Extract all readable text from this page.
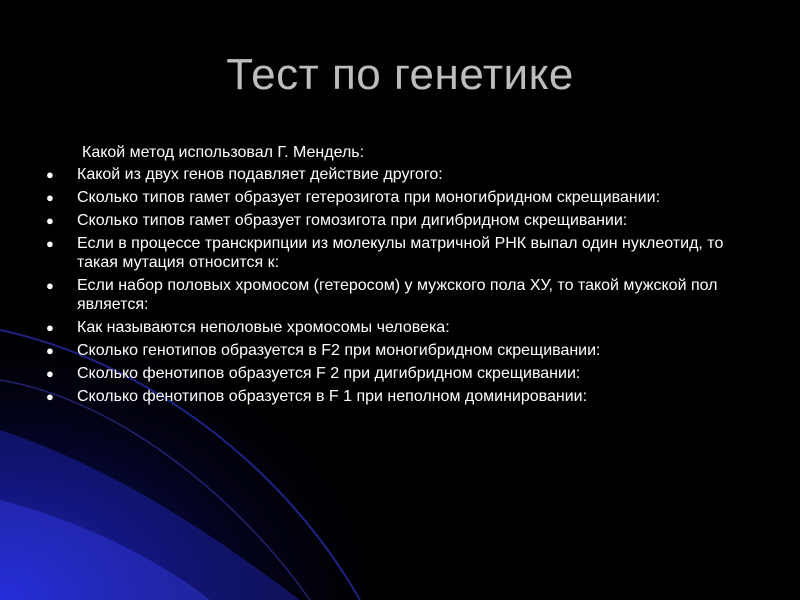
Тест по генетике
Какой метод использовал Г. Мендель:
● Какой из двух генов подавляет действие другого:
● Сколько типов гамет образует гетерозигота при моногибридном скрещивании:
● Сколько типов гамет образует гомозигота при дигибридном скрещивании:
● Если в процессе транскрипции из молекулы матричной РНК выпал один нуклеотид, то такая мутация относится к:
● Если набор половых хромосом (гетеросом) у мужского пола ХУ, то такой мужской пол является:
● Как называются неполовые хромосомы человека:
● Сколько генотипов образуется в F2 при моногибридном скрещивании:
● Сколько фенотипов образуется F 2 при дигибридном скрещивании:
● Сколько фенотипов образуется в F 1 при неполном доминировании:
